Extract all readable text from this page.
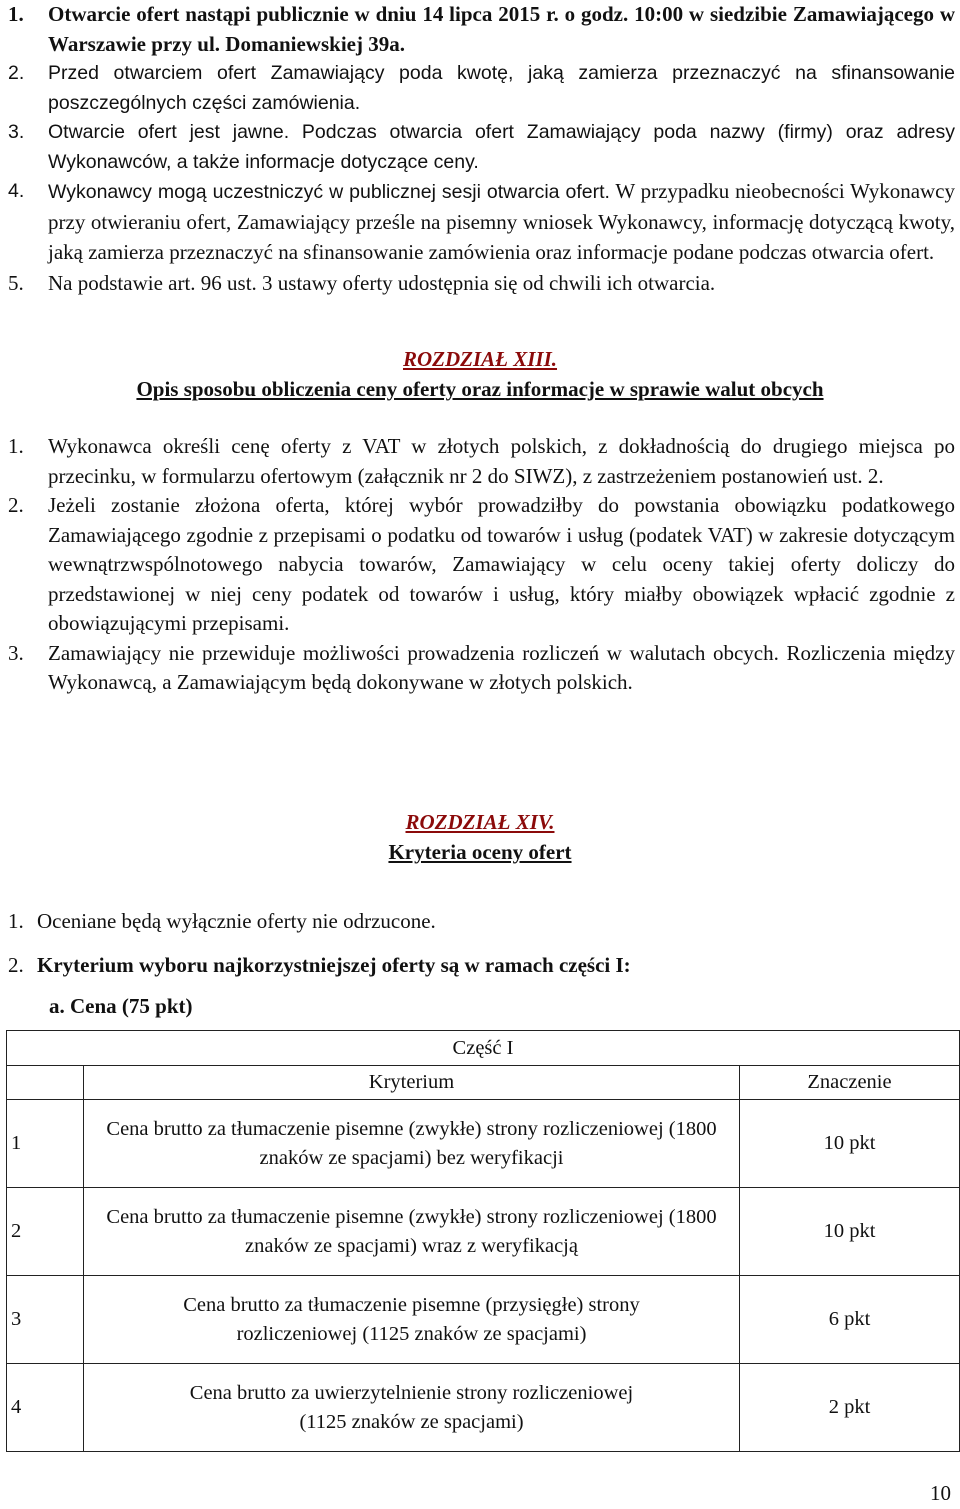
1. Otwarcie ofert nastąpi publicznie w dniu 14 lipca 2015 r. o godz. 10:00 w siedzibie Zamawiającego w Warszawie przy ul. Domaniewskiej 39a.
2. Przed otwarciem ofert Zamawiający poda kwotę, jaką zamierza przeznaczyć na sfinansowanie poszczególnych części zamówienia.
3. Otwarcie ofert jest jawne. Podczas otwarcia ofert Zamawiający poda nazwy (firmy) oraz adresy Wykonawców, a także informacje dotyczące ceny.
4. Wykonawcy mogą uczestniczyć w publicznej sesji otwarcia ofert. W przypadku nieobecności Wykonawcy przy otwieraniu ofert, Zamawiający prześle na pisemny wniosek Wykonawcy, informację dotyczącą kwoty, jaką zamierza przeznaczyć na sfinansowanie zamówienia oraz informacje podane podczas otwarcia ofert.
5. Na podstawie art. 96 ust. 3 ustawy oferty udostępnia się od chwili ich otwarcia.
ROZDZIAŁ XIII.
Opis sposobu obliczenia ceny oferty oraz informacje w sprawie walut obcych
1. Wykonawca określi cenę oferty z VAT w złotych polskich, z dokładnością do drugiego miejsca po przecinku, w formularzu ofertowym (załącznik nr 2 do SIWZ), z zastrzeżeniem postanowień ust. 2.
2. Jeżeli zostanie złożona oferta, której wybór prowadziłby do powstania obowiązku podatkowego Zamawiającego zgodnie z przepisami o podatku od towarów i usług (podatek VAT) w zakresie dotyczącym wewnątrzwspólnotowego nabycia towarów, Zamawiający w celu oceny takiej oferty doliczy do przedstawionej w niej ceny podatek od towarów i usług, który miałby obowiązek wpłacić zgodnie z obowiązującymi przepisami.
3. Zamawiający nie przewiduje możliwości prowadzenia rozliczeń w walutach obcych. Rozliczenia między Wykonawcą, a Zamawiającym będą dokonywane w złotych polskich.
ROZDZIAŁ XIV.
Kryteria oceny ofert
1. Oceniane będą wyłącznie oferty nie odrzucone.
2. Kryterium wyboru najkorzystniejszej oferty są w ramach części I:
a. Cena (75 pkt)
Część I		
	Kryterium	Znaczenie
1	Cena brutto za tłumaczenie pisemne (zwykłe) strony rozliczeniowej (1800 znaków ze spacjami) bez weryfikacji	10 pkt
2	Cena brutto za tłumaczenie pisemne (zwykłe) strony rozliczeniowej (1800 znaków ze spacjami) wraz z weryfikacją	10 pkt
3	Cena brutto za tłumaczenie pisemne (przysięgłe) strony rozliczeniowej (1125 znaków ze spacjami)	6 pkt
4	Cena brutto za uwierzytelnienie strony rozliczeniowej (1125 znaków ze spacjami)	2 pkt
10
